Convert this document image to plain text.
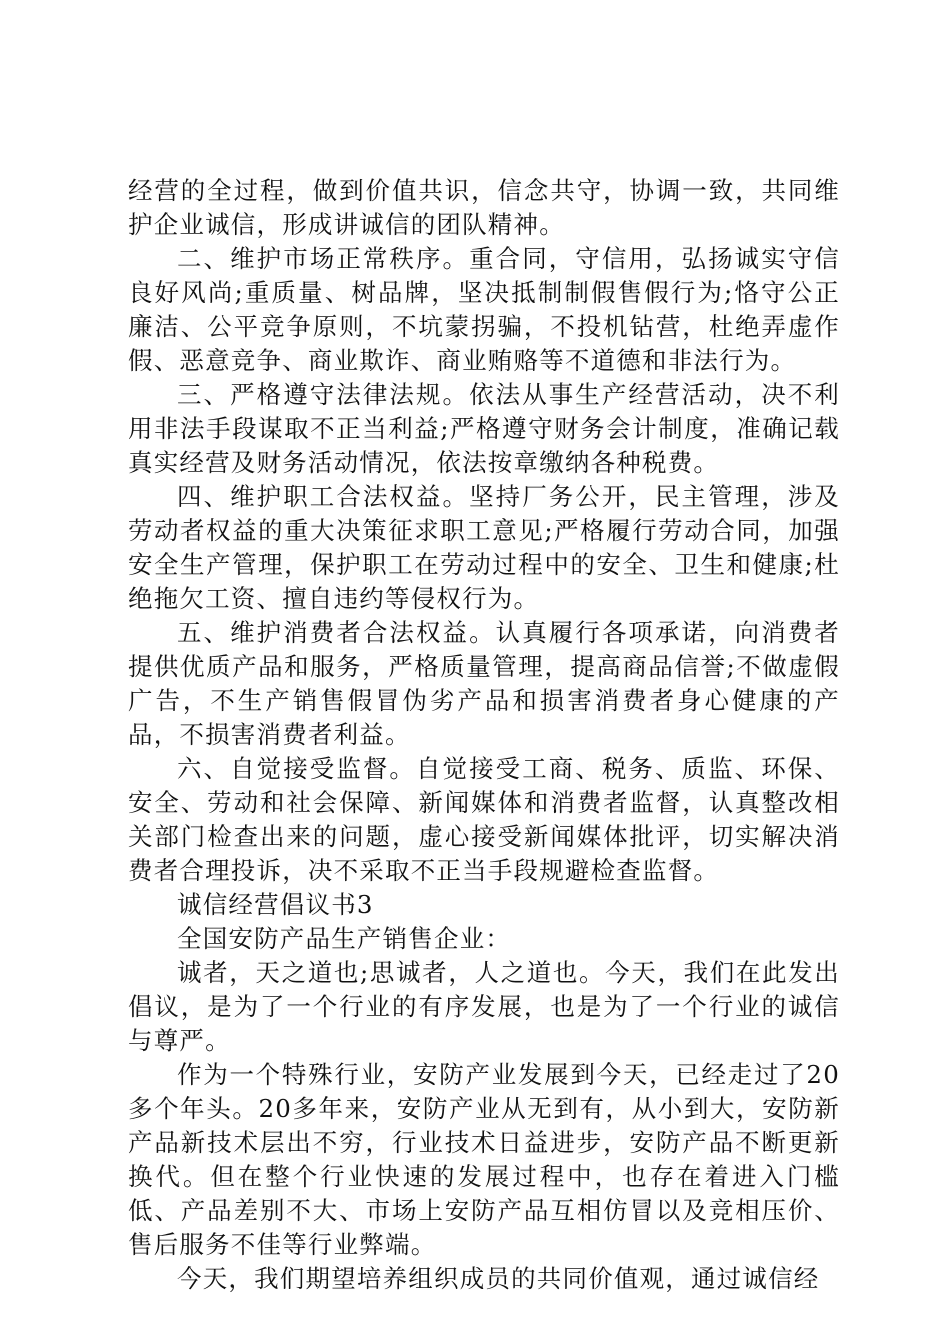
经营的全过程，做到价值共识，信念共守，协调一致，共同维护企业诚信，形成讲诚信的团队精神。

二、维护市场正常秩序。重合同，守信用，弘扬诚实守信良好风尚;重质量、树品牌，坚决抵制制假售假行为;恪守公正廉洁、公平竞争原则，不坑蒙拐骗，不投机钻营，杜绝弄虚作假、恶意竞争、商业欺诈、商业贿赂等不道德和非法行为。

三、严格遵守法律法规。依法从事生产经营活动，决不利用非法手段谋取不正当利益;严格遵守财务会计制度，准确记载真实经营及财务活动情况，依法按章缴纳各种税费。

四、维护职工合法权益。坚持厂务公开，民主管理，涉及劳动者权益的重大决策征求职工意见;严格履行劳动合同，加强安全生产管理，保护职工在劳动过程中的安全、卫生和健康;杜绝拖欠工资、擅自违约等侵权行为。

五、维护消费者合法权益。认真履行各项承诺，向消费者提供优质产品和服务，严格质量管理，提高商品信誉;不做虚假广告，不生产销售假冒伪劣产品和损害消费者身心健康的产品，不损害消费者利益。

六、自觉接受监督。自觉接受工商、税务、质监、环保、安全、劳动和社会保障、新闻媒体和消费者监督，认真整改相关部门检查出来的问题，虚心接受新闻媒体批评，切实解决消费者合理投诉，决不采取不正当手段规避检查监督。

诚信经营倡议书3

全国安防产品生产销售企业：

诚者，天之道也;思诚者，人之道也。今天，我们在此发出倡议，是为了一个行业的有序发展，也是为了一个行业的诚信与尊严。

作为一个特殊行业，安防产业发展到今天，已经走过了20多个年头。20多年来，安防产业从无到有，从小到大，安防新产品新技术层出不穷，行业技术日益进步，安防产品不断更新换代。但在整个行业快速的发展过程中，也存在着进入门槛低、产品差别不大、市场上安防产品互相仿冒以及竞相压价、售后服务不佳等行业弊端。

今天，我们期望培养组织成员的共同价值观，通过诚信经
